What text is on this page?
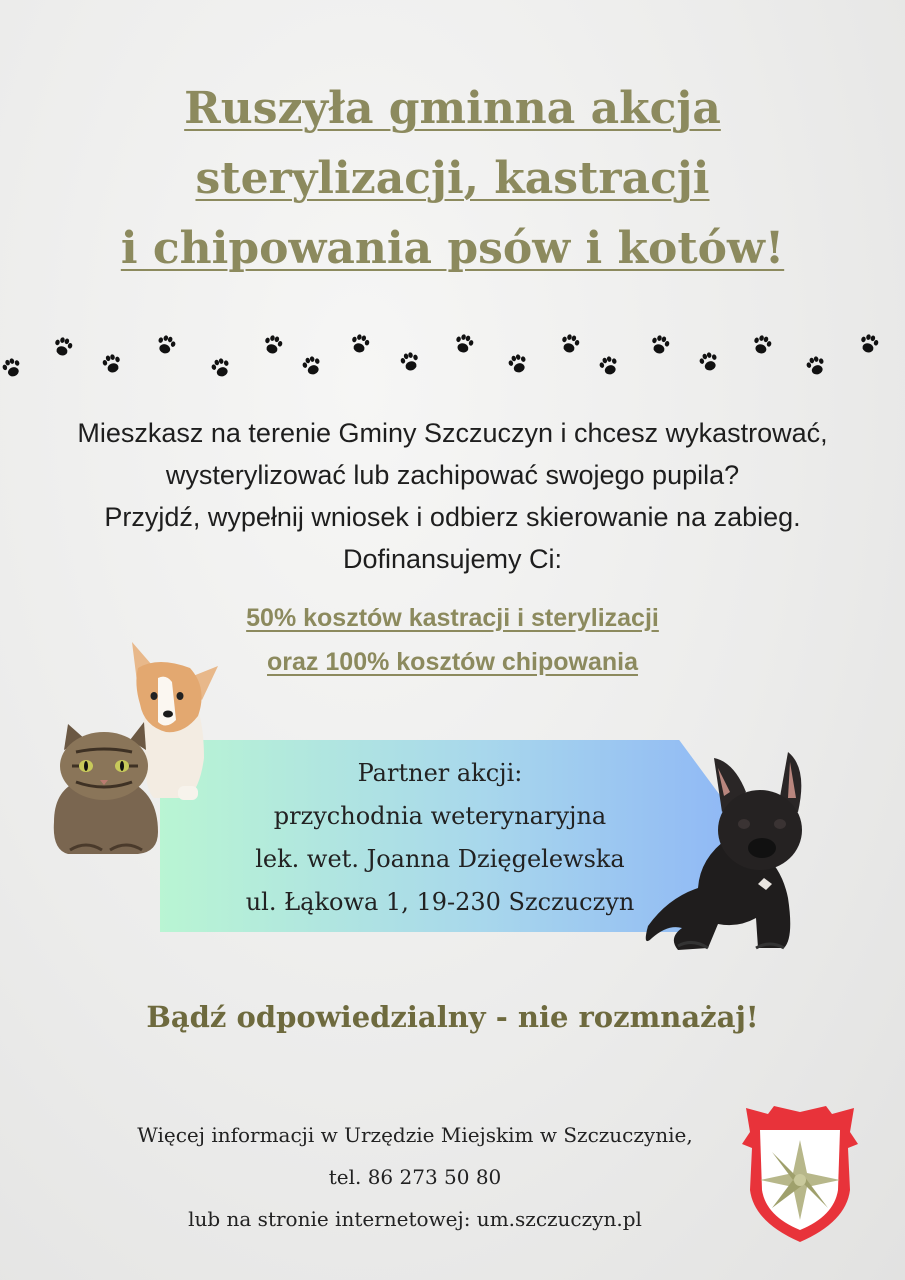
Ruszyła gminna akcja
sterylizacji, kastracji
i chipowania psów i kotów!
Mieszkasz na terenie Gminy Szczuczyn i chcesz wykastrować,
wysterylizować lub zachipować swojego pupila?
Przyjdź, wypełnij wniosek i odbierz skierowanie na zabieg.
Dofinansujemy Ci:
50% kosztów kastracji i sterylizacji
oraz 100% kosztów chipowania
Partner akcji:
przychodnia weterynaryjna
lek. wet. Joanna Dzięgelewska
ul. Łąkowa 1, 19-230 Szczuczyn
Bądź odpowiedzialny - nie rozmnażaj!
Więcej informacji w Urzędzie Miejskim w Szczuczynie,
tel. 86 273 50 80
lub na stronie internetowej: um.szczuczyn.pl
